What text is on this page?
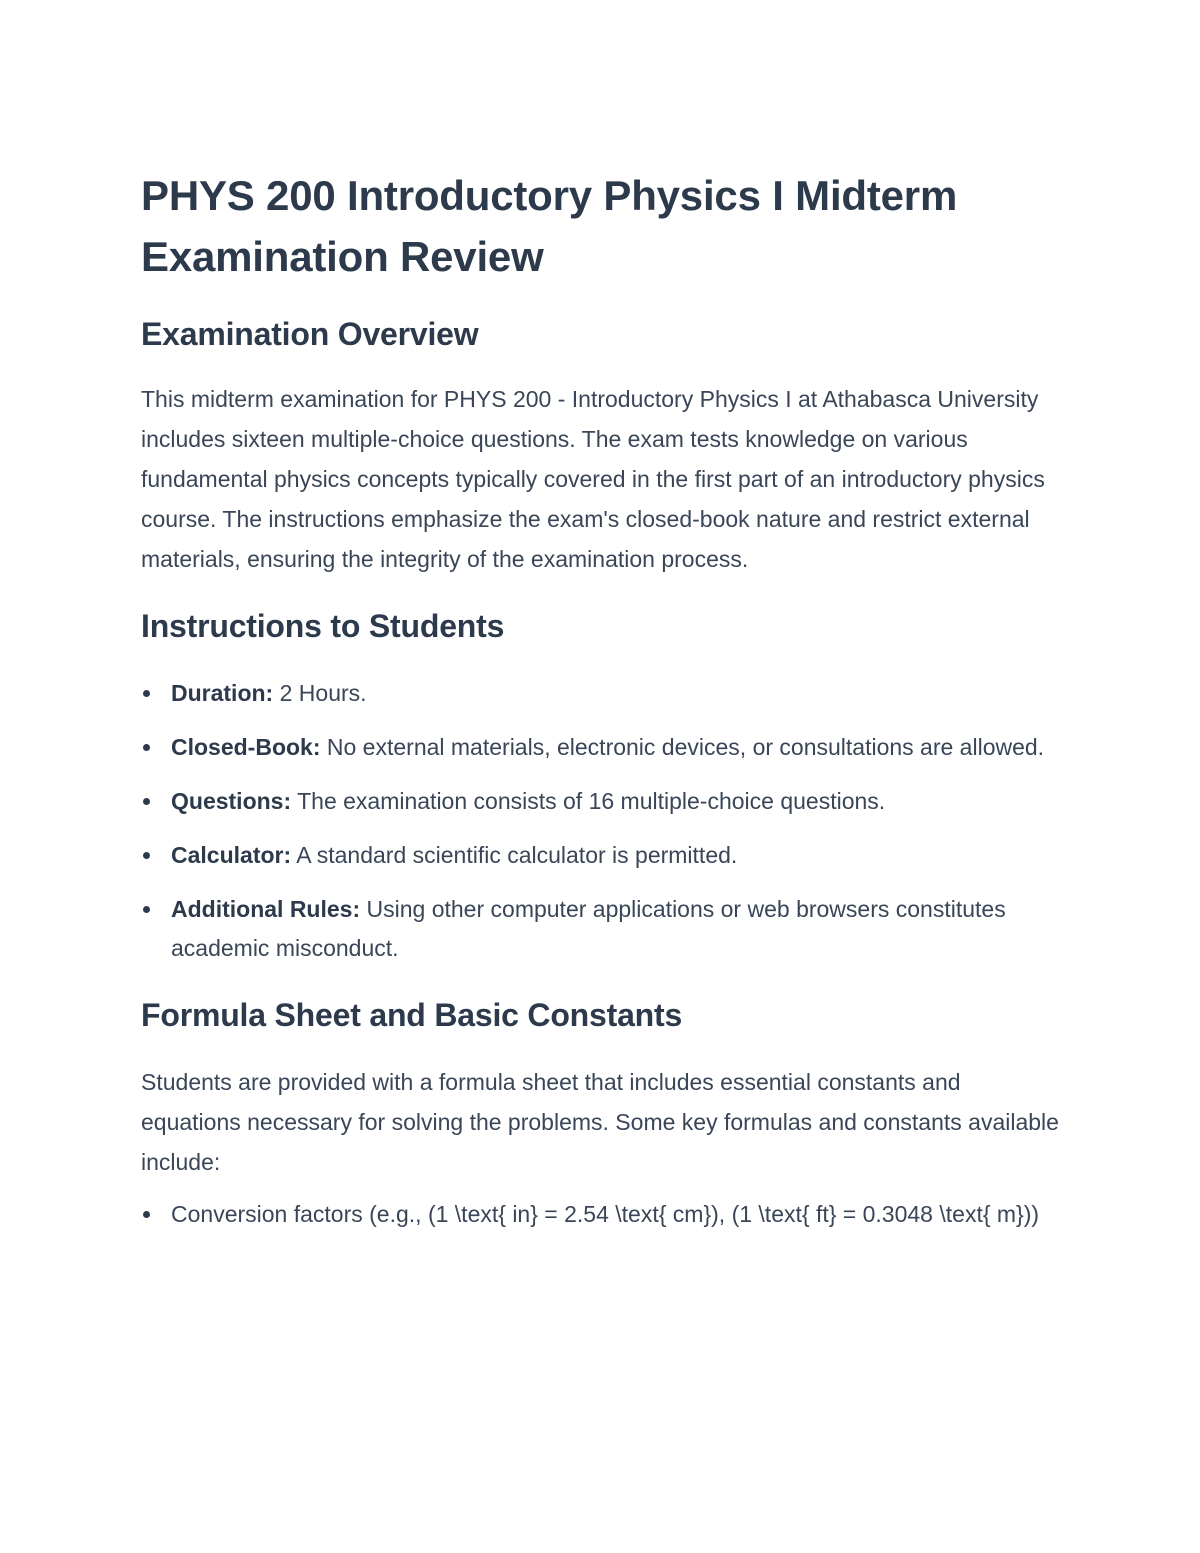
PHYS 200 Introductory Physics I Midterm Examination Review
Examination Overview

This midterm examination for PHYS 200 - Introductory Physics I at Athabasca University includes sixteen multiple-choice questions. The exam tests knowledge on various fundamental physics concepts typically covered in the first part of an introductory physics course. The instructions emphasize the exam's closed-book nature and restrict external materials, ensuring the integrity of the examination process.

Instructions to Students
Duration: 2 Hours.
Closed-Book: No external materials, electronic devices, or consultations are allowed.
Questions: The examination consists of 16 multiple-choice questions.
Calculator: A standard scientific calculator is permitted.
Additional Rules: Using other computer applications or web browsers constitutes academic misconduct.
Formula Sheet and Basic Constants

Students are provided with a formula sheet that includes essential constants and equations necessary for solving the problems. Some key formulas and constants available include:

Conversion factors (e.g., (1 \text{ in} = 2.54 \text{ cm}), (1 \text{ ft} = 0.3048 \text{ m}))
